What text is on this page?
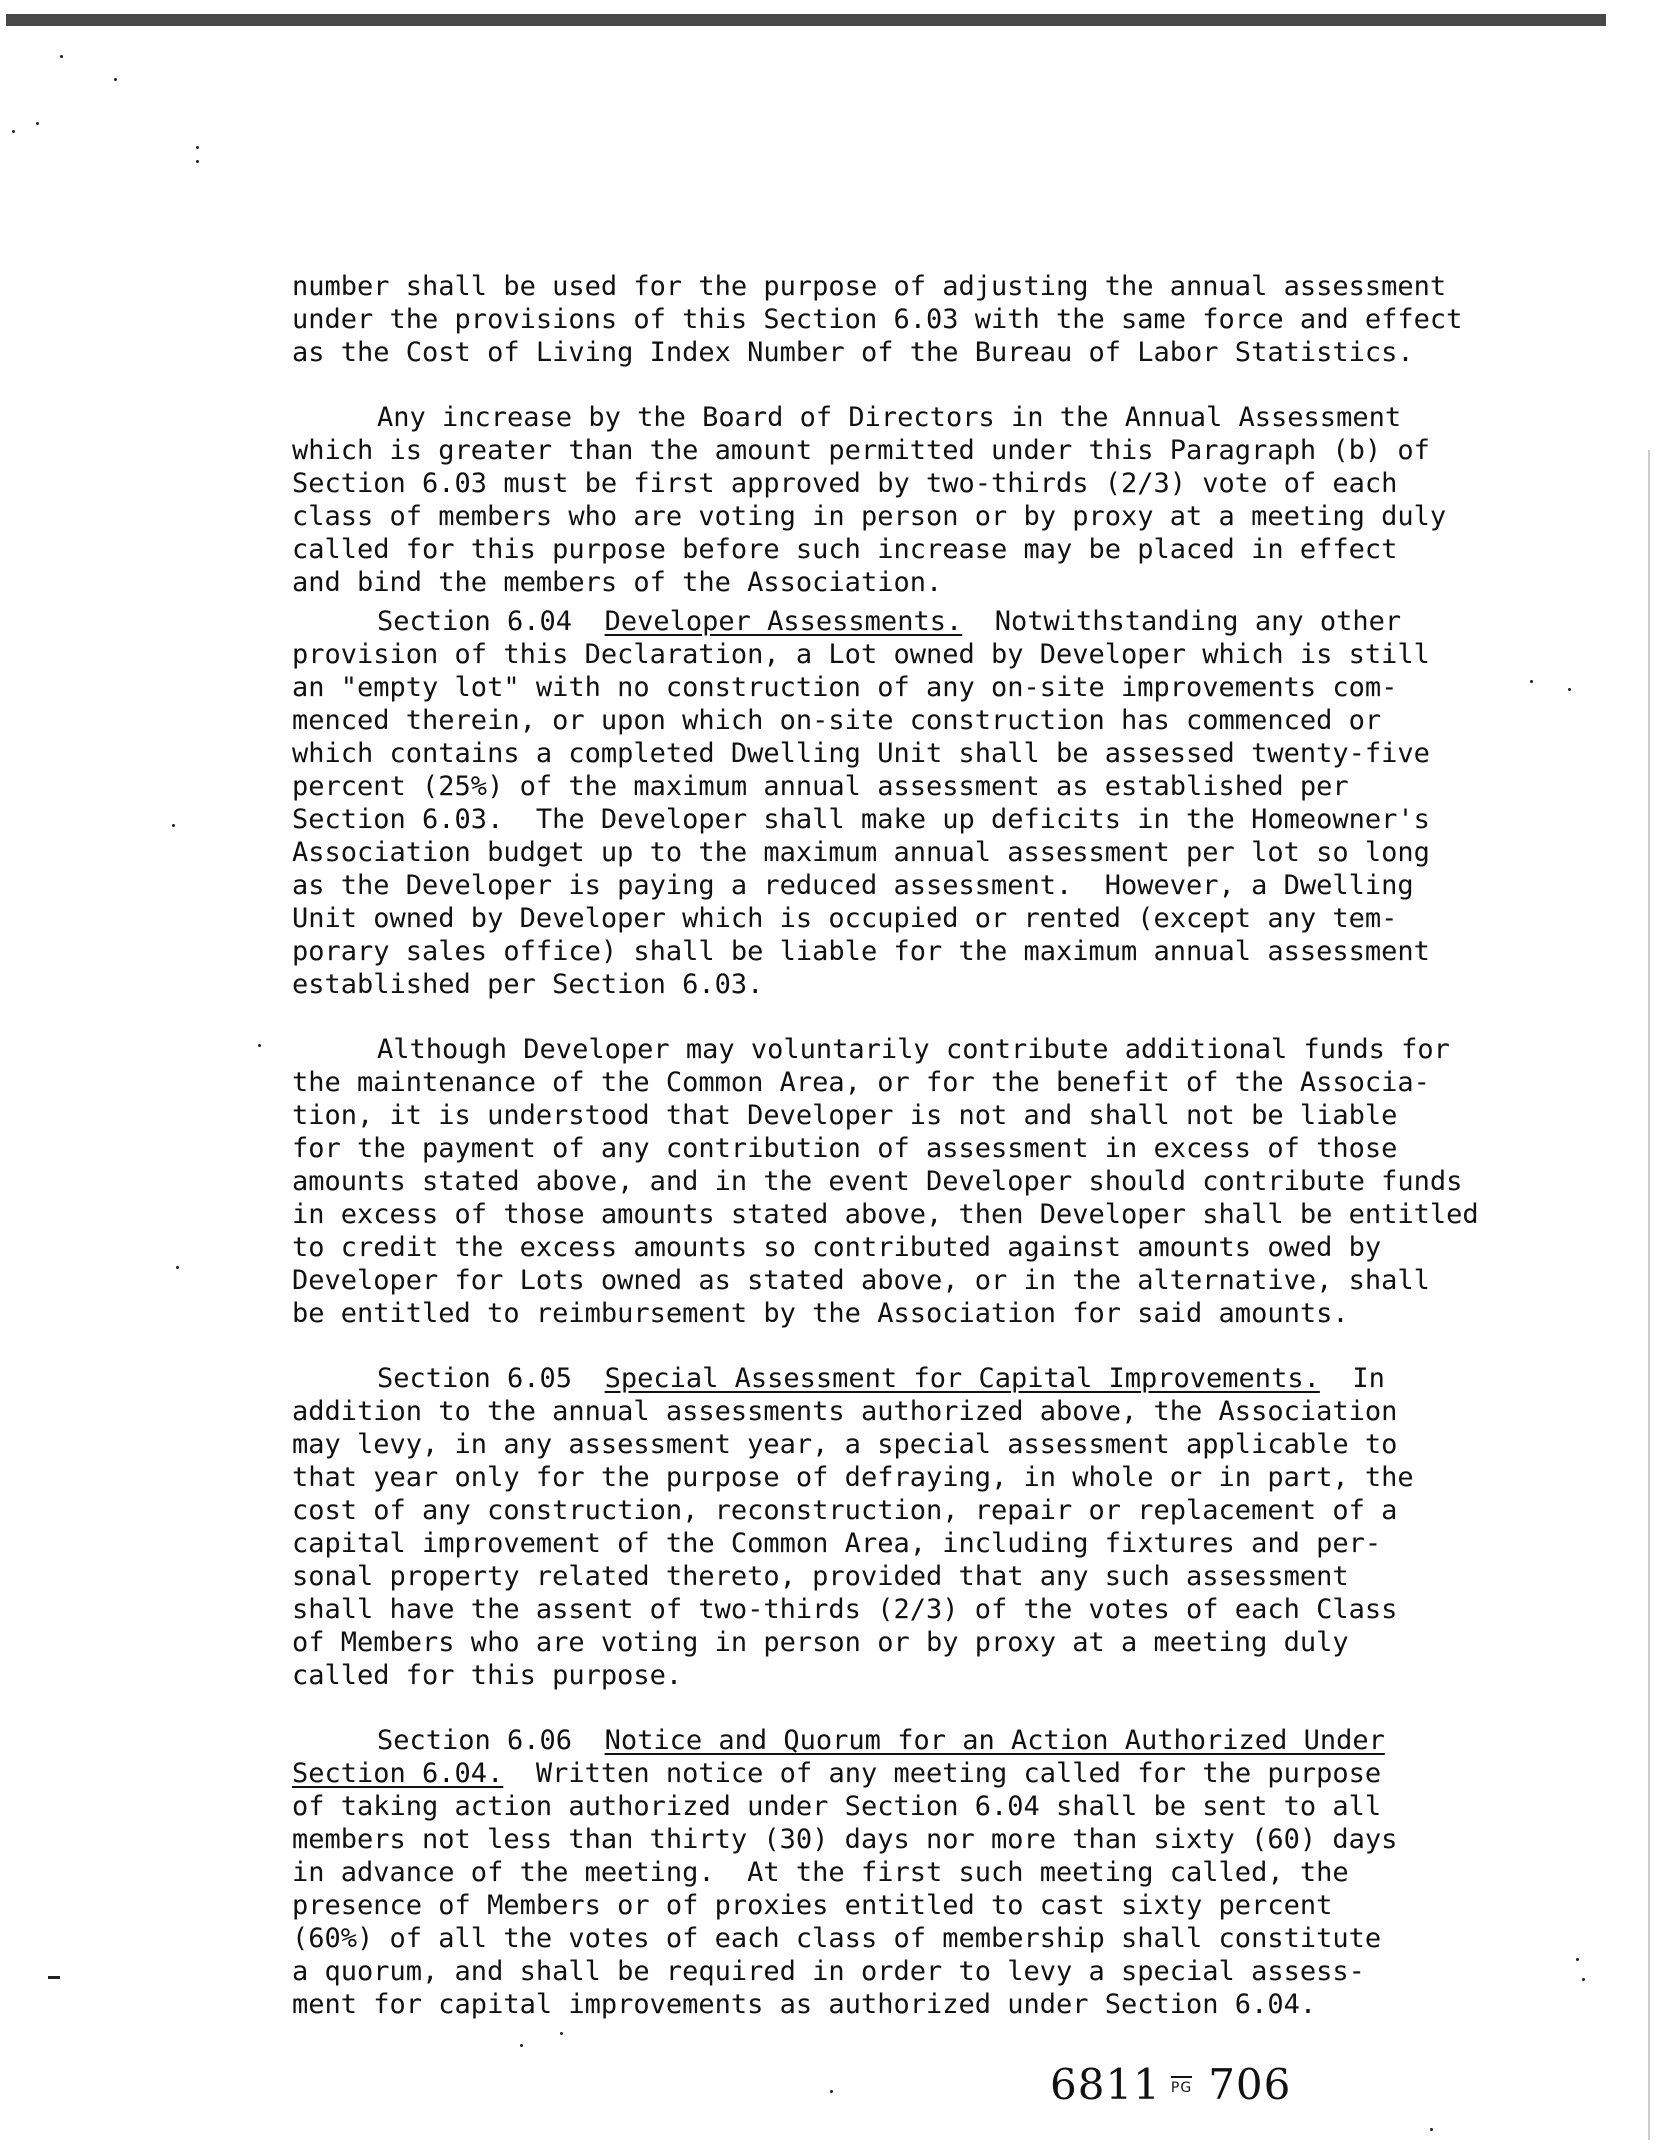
number shall be used for the purpose of adjusting the annual assessment
under the provisions of this Section 6.03 with the same force and effect
as the Cost of Living Index Number of the Bureau of Labor Statistics.

Any increase by the Board of Directors in the Annual Assessment
which is greater than the amount permitted under this Paragraph (b) of
Section 6.03 must be first approved by two-thirds (2/3) vote of each
class of members who are voting in person or by proxy at a meeting duly
called for this purpose before such increase may be placed in effect
and bind the members of the Association.

Section 6.04 Developer Assessments. Notwithstanding any other
provision of this Declaration, a Lot owned by Developer which is still
an "empty lot" with no construction of any on-site improvements com-
menced therein, or upon which on-site construction has commenced or
which contains a completed Dwelling Unit shall be assessed twenty-five
percent (25%) of the maximum annual assessment as established per
Section 6.03.  The Developer shall make up deficits in the Homeowner's
Association budget up to the maximum annual assessment per lot so long
as the Developer is paying a reduced assessment.  However, a Dwelling
Unit owned by Developer which is occupied or rented (except any tem-
porary sales office) shall be liable for the maximum annual assessment
established per Section 6.03.

Although Developer may voluntarily contribute additional funds for
the maintenance of the Common Area, or for the benefit of the Associa-
tion, it is understood that Developer is not and shall not be liable
for the payment of any contribution of assessment in excess of those
amounts stated above, and in the event Developer should contribute funds
in excess of those amounts stated above, then Developer shall be entitled
to credit the excess amounts so contributed against amounts owed by
Developer for Lots owned as stated above, or in the alternative, shall
be entitled to reimbursement by the Association for said amounts.

Section 6.05 Special Assessment for Capital Improvements. In
addition to the annual assessments authorized above, the Association
may levy, in any assessment year, a special assessment applicable to
that year only for the purpose of defraying, in whole or in part, the
cost of any construction, reconstruction, repair or replacement of a
capital improvement of the Common Area, including fixtures and per-
sonal property related thereto, provided that any such assessment
shall have the assent of two-thirds (2/3) of the votes of each Class
of Members who are voting in person or by proxy at a meeting duly
called for this purpose.

Section 6.06 Notice and Quorum for an Action Authorized Under
Section 6.04. Written notice of any meeting called for the purpose
of taking action authorized under Section 6.04 shall be sent to all
members not less than thirty (30) days nor more than sixty (60) days
in advance of the meeting.  At the first such meeting called, the
presence of Members or of proxies entitled to cast sixty percent
(60%) of all the votes of each class of membership shall constitute
a quorum, and shall be required in order to levy a special assess-
ment for capital improvements as authorized under Section 6.04.

6811 PG 706
